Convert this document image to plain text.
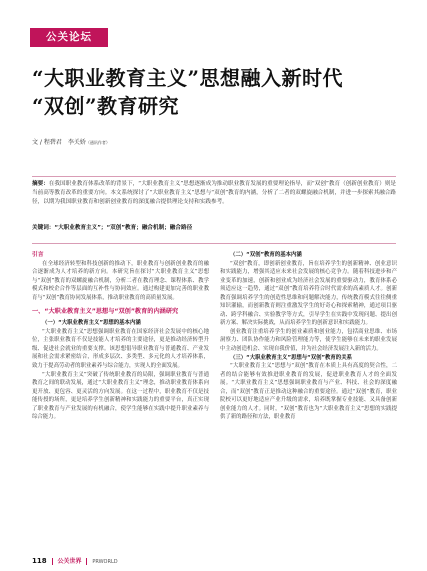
公关论坛
“大职业教育主义”思想融入新时代
“双创”教育研究
文 / 程碧君　李关娇（通讯作者）
摘要：在我国职业教育体系改革的背景下，“大职业教育主义”思想逐渐成为推动职业教育发展的重要理论指导，而“双创”教育（创新创业教育）则是当前高等教育改革的重要方向。本文系统探讨了“大职业教育主义”思想与“双创”教育的内涵，分析了二者的双螺旋融合机制，并进一步探索其融合路径，以期为我国职业教育和创新创业教育的深度融合提供理论支持和实践参考。
关键词：“大职业教育主义”；“双创”教育；融合机制；融合路径
引言

在全球经济转型和科技创新的推动下，职业教育与创新创业教育的融合逐渐成为人才培养的新方向。本研究旨在探讨“大职业教育主义”思想与“双创”教育的双螺旋融合机制，分析二者在教育理念、课程体系、教学模式和校企合作等层面的互补性与协同效应。通过构建更加完善的职业教育与“双创”教育协同发展体系，推动职业教育的高质量发展。

一、“大职业教育主义”思想与“双创”教育的内涵研究

（一）“大职业教育主义”思想的基本内涵

“大职业教育主义”思想强调职业教育在国家经济社会发展中的核心地位，主张职业教育不仅是技能人才培养的主要途径，更是推动经济转型升级、促进社会就业的重要支撑。该思想倡导职业教育与普通教育、产业发展和社会需求紧密结合，形成多层次、多类型、多元化的人才培养体系，致力于提高劳动者的职业素养与综合能力，实现人的全面发展。

“大职业教育主义”突破了传统职业教育的局限，强调职业教育与普通教育之间的联动发展，通过“大职业教育主义”理念，推动职业教育体系向更开放、更包容、更灵活的方向发展。在这一过程中，职业教育不仅是技能传授的场所，更是培养学生创新精神和实践能力的重要平台，真正实现了职业教育与产业发展的有机融合，使学生能够在实践中提升职业素养与综合能力。

（二）“双创”教育的基本内涵

“双创”教育，即创新创业教育，旨在培养学生的创新精神、创业意识和实践能力，增强其适应未来社会发展的核心竞争力。随着科技进步和产业变革的加速，创新和创业成为经济社会发展的重要驱动力，教育体系必须适应这一趋势，通过“双创”教育培养符合时代需求的高素质人才。创新教育强调培养学生的创造性思维和问题解决能力，传统教育模式往往侧重知识灌输，而创新教育则注重激发学生的好奇心和探索精神，通过项目驱动、跨学科融合、实验教学等方式，引导学生在实践中发现问题、提出创新方案、解决实际挑战，从而培养学生的创新意识和实践能力。

创业教育注重培养学生的创业素质和创业能力，包括商业思维、市场洞察力、团队协作能力和风险管理能力等，使学生能够在未来的职业发展中主动创造机会、实现自我价值，并为社会经济发展注入新的活力。

（三）“大职业教育主义”思想与“双创”教育的关系

“大职业教育主义”思想与“双创”教育在本质上具有高度的契合性，二者的结合能够有效推进职业教育的发展，促进职业教育人才的全面发展。“大职业教育主义”思想强调职业教育与产业、科技、社会的深度融合，而“双创”教育正是推动这种融合的重要途径。通过“双创”教育，职业院校可以更好地适应产业升级的需求，培养既掌握专业技能、又具备创新创业能力的人才。同时，“双创”教育也为“大职业教育主义”思想的实践提供了新的路径和方法，职业教育

118 公关世界 PRWORLD
